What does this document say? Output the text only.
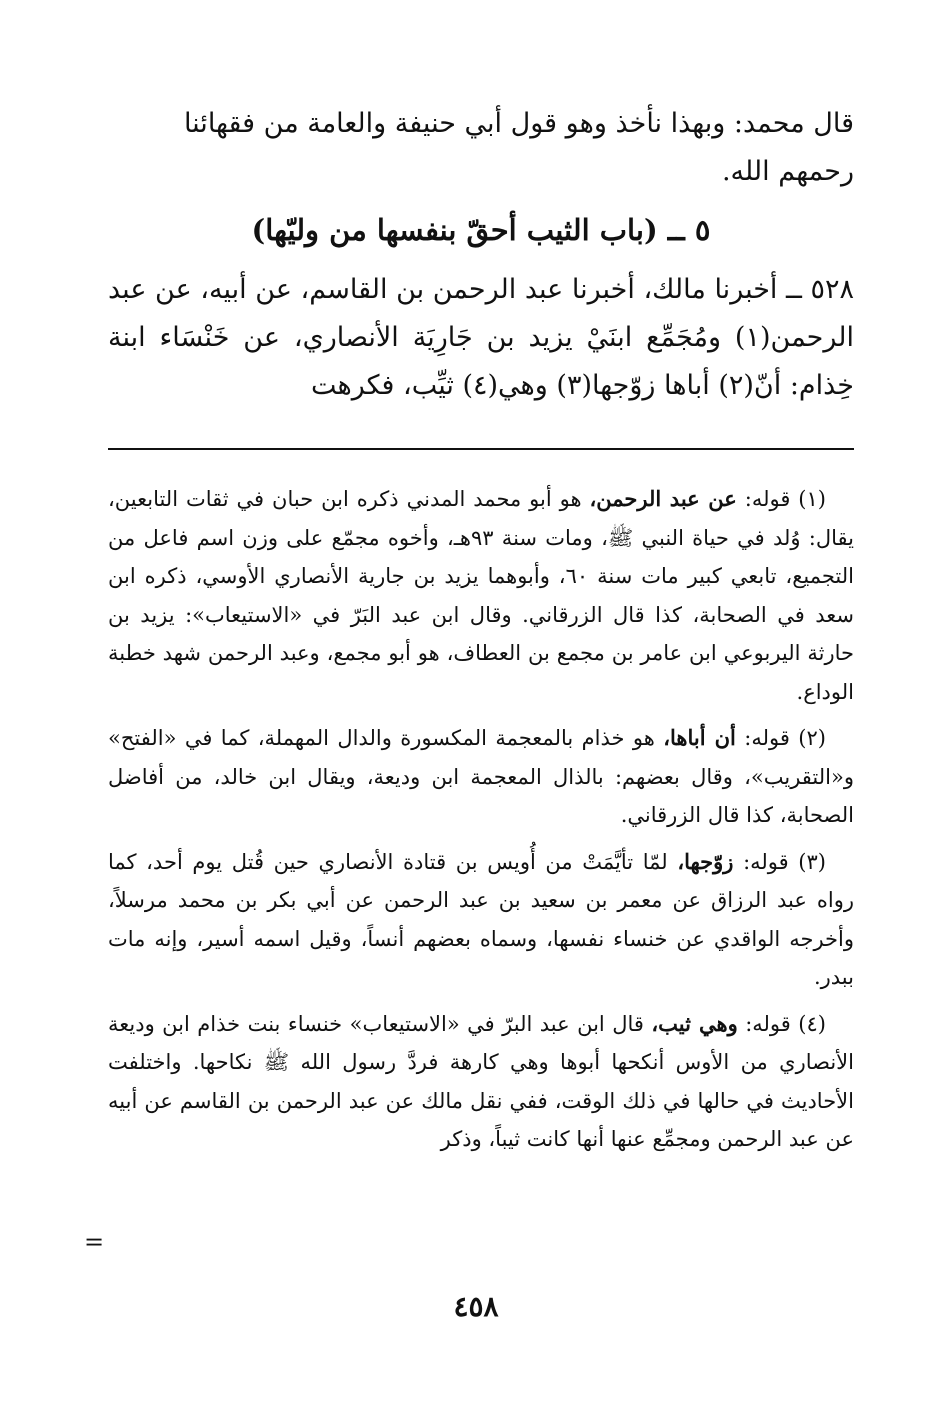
قال محمد: وبهذا نأخذ وهو قول أبي حنيفة والعامة من فقهائنا رحمهم الله.

٥ ــ (باب الثيب أحقّ بنفسها من وليّها)

٥٢٨ ــ أخبرنا مالك، أخبرنا عبد الرحمن بن القاسم، عن أبيه، عن عبد الرحمن(١) ومُجَمِّع ابنَيْ يزيد بن جَارِيَة الأنصاري، عن خَنْسَاء ابنة خِذام: أنّ(٢) أباها زوّجها(٣) وهي(٤) ثيِّب، فكرهت

(١) قوله: عن عبد الرحمن، هو أبو محمد المدني ذكره ابن حبان في ثقات التابعين، يقال: وُلد في حياة النبي ﷺ، ومات سنة ٩٣هـ، وأخوه مجمّع على وزن اسم فاعل من التجميع، تابعي كبير مات سنة ٦٠، وأبوهما يزيد بن جارية الأنصاري الأوسي، ذكره ابن سعد في الصحابة، كذا قال الزرقاني. وقال ابن عبد البَرّ في «الاستيعاب»: يزيد بن حارثة اليربوعي ابن عامر بن مجمع بن العطاف، هو أبو مجمع، وعبد الرحمن شهد خطبة الوداع.

(٢) قوله: أن أباها، هو خذام بالمعجمة المكسورة والدال المهملة، كما في «الفتح» و«التقريب»، وقال بعضهم: بالذال المعجمة ابن وديعة، ويقال ابن خالد، من أفاضل الصحابة، كذا قال الزرقاني.

(٣) قوله: زوّجها، لمّا تأيَّمَتْ من أُويس بن قتادة الأنصاري حين قُتل يوم أحد، كما رواه عبد الرزاق عن معمر بن سعيد بن عبد الرحمن عن أبي بكر بن محمد مرسلاً، وأخرجه الواقدي عن خنساء نفسها، وسماه بعضهم أنساً، وقيل اسمه أسير، وإنه مات ببدر.

(٤) قوله: وهي ثيب، قال ابن عبد البرّ في «الاستيعاب» خنساء بنت خذام ابن وديعة الأنصاري من الأوس أنكحها أبوها وهي كارهة فردَّ رسول الله ﷺ نكاحها. واختلفت الأحاديث في حالها في ذلك الوقت، ففي نقل مالك عن عبد الرحمن بن القاسم عن أبيه عن عبد الرحمن ومجمِّع عنها أنها كانت ثيباً، وذكر

=
٤٥٨
